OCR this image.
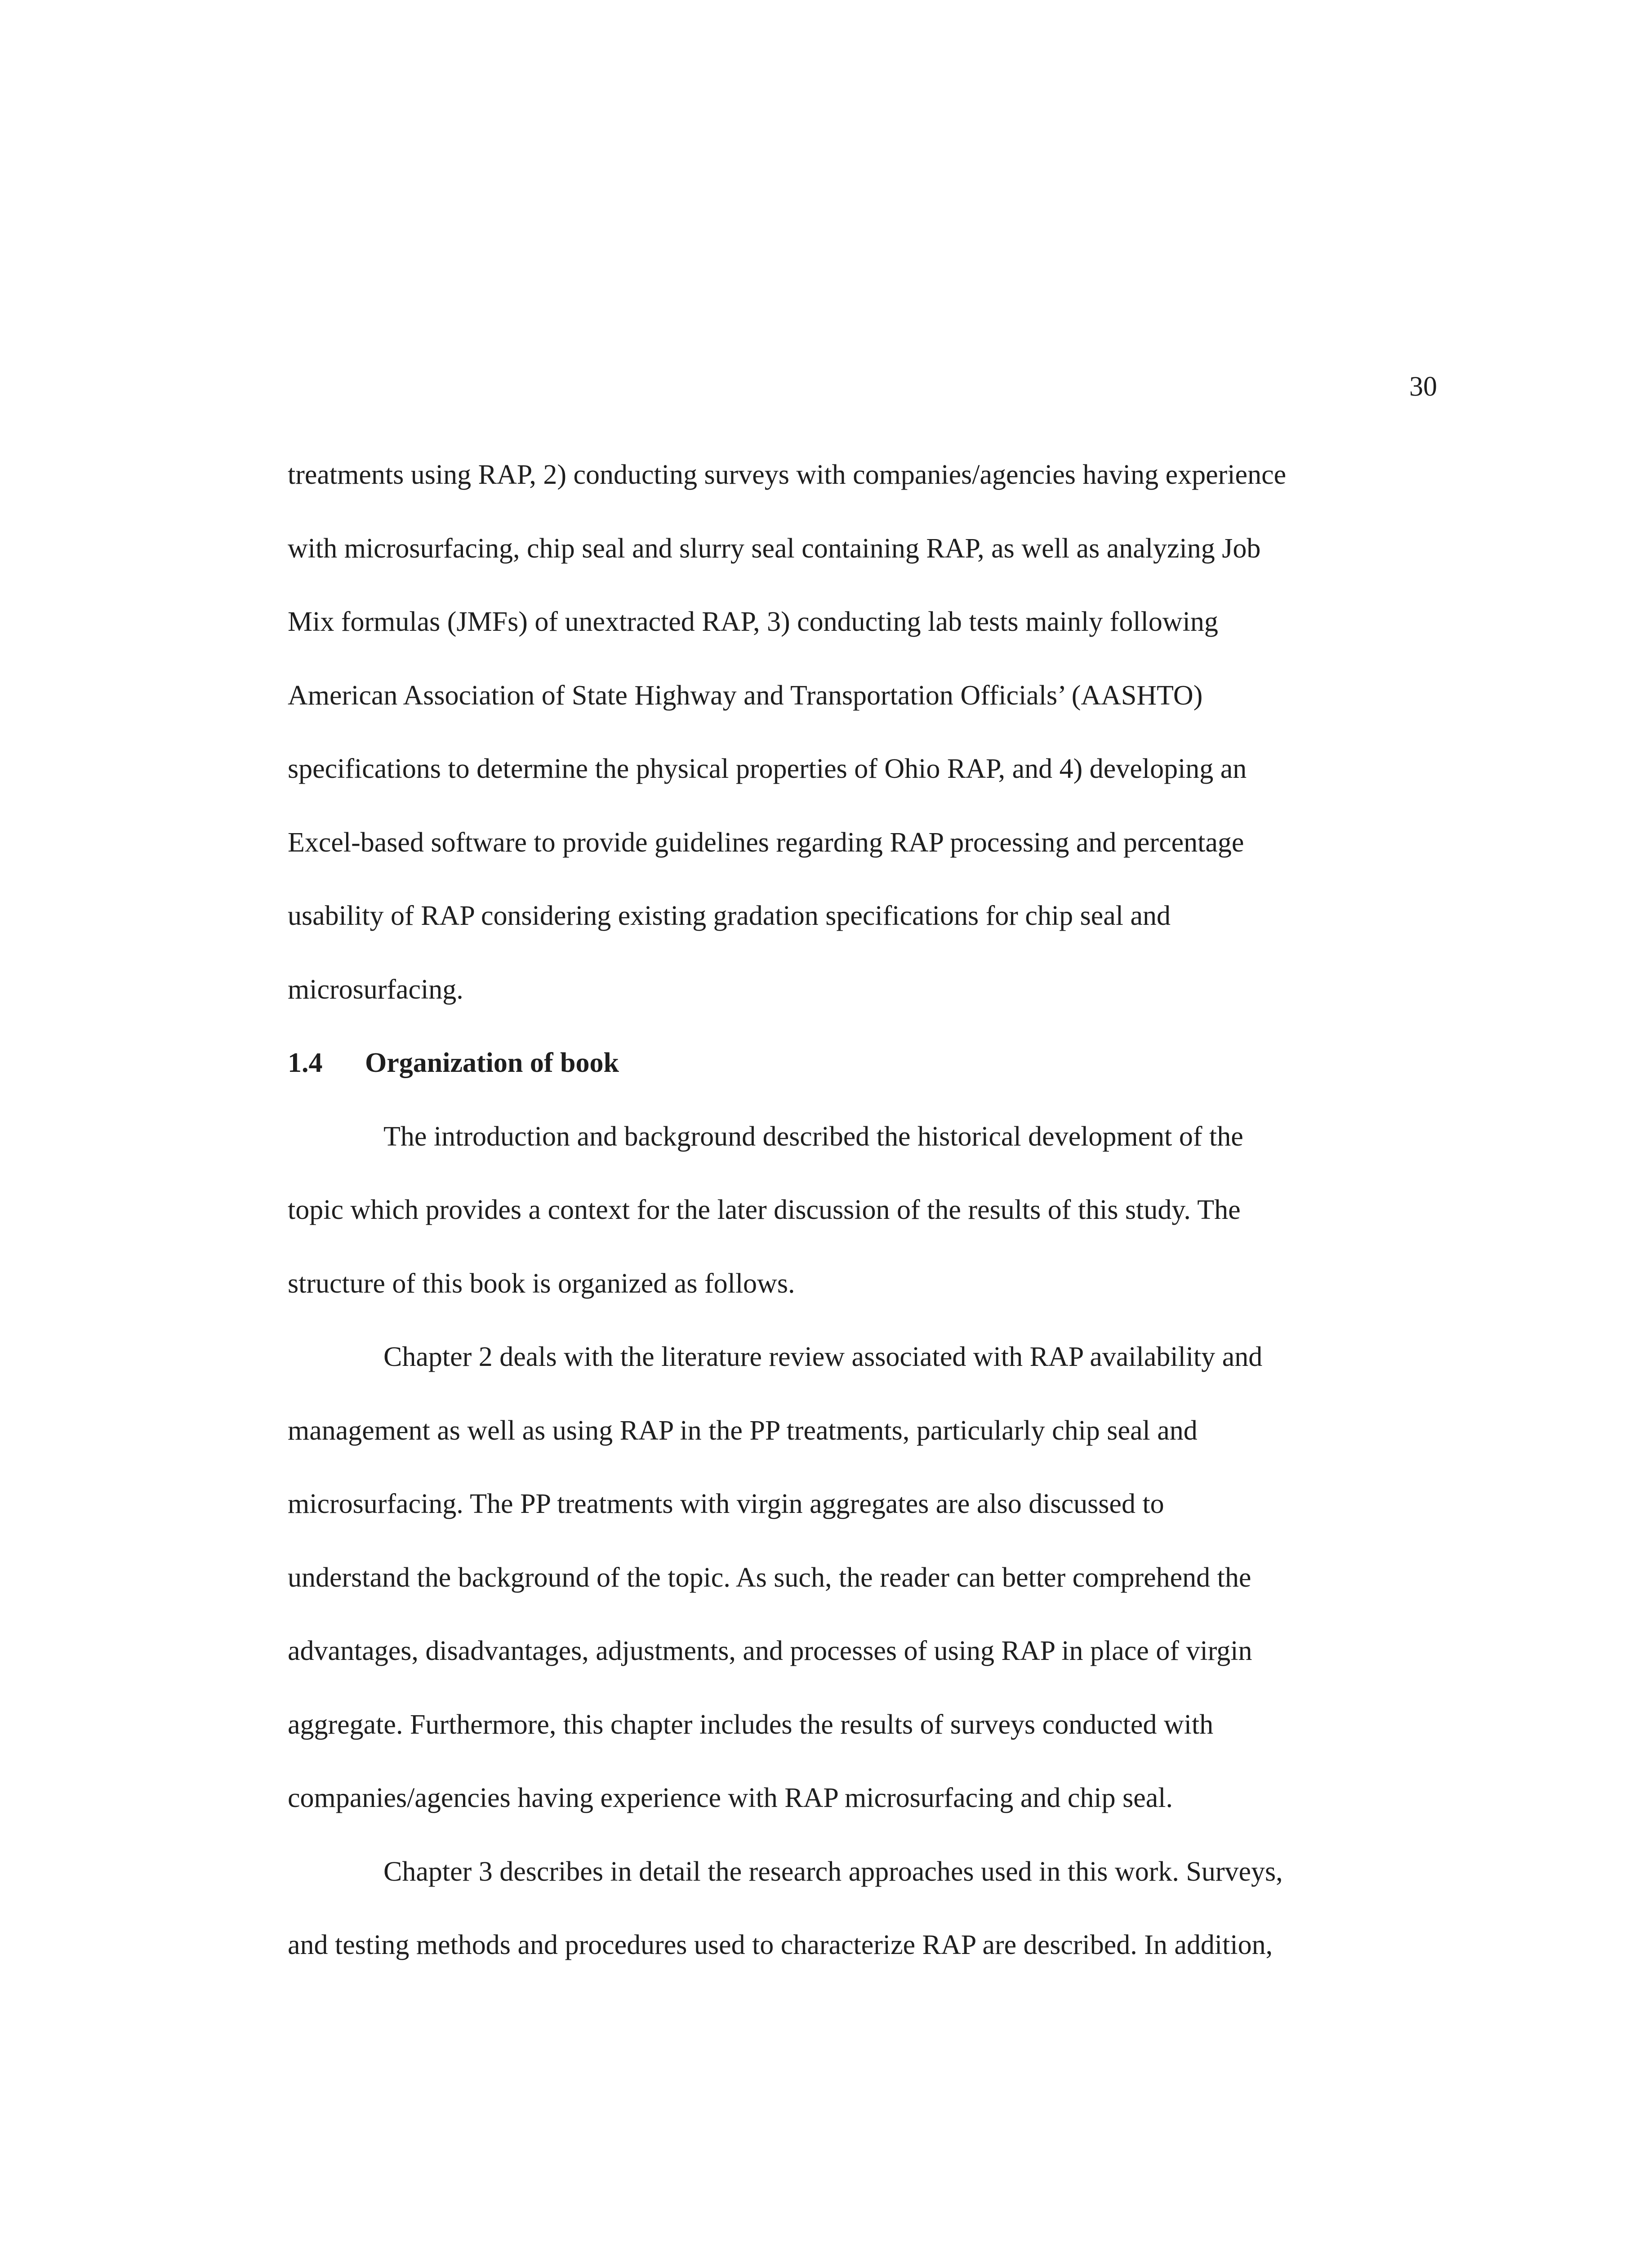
30
treatments using RAP, 2) conducting surveys with companies/agencies having experience
with microsurfacing, chip seal and slurry seal containing RAP, as well as analyzing Job
Mix formulas (JMFs) of unextracted RAP, 3) conducting lab tests mainly following
American Association of State Highway and Transportation Officials’ (AASHTO)
specifications to determine the physical properties of Ohio RAP, and 4) developing an
Excel-based software to provide guidelines regarding RAP processing and percentage
usability of RAP considering existing gradation specifications for chip seal and
microsurfacing.
1.4 Organization of book
The introduction and background described the historical development of the
topic which provides a context for the later discussion of the results of this study. The
structure of this book is organized as follows.
Chapter 2 deals with the literature review associated with RAP availability and
management as well as using RAP in the PP treatments, particularly chip seal and
microsurfacing. The PP treatments with virgin aggregates are also discussed to
understand the background of the topic. As such, the reader can better comprehend the
advantages, disadvantages, adjustments, and processes of using RAP in place of virgin
aggregate. Furthermore, this chapter includes the results of surveys conducted with
companies/agencies having experience with RAP microsurfacing and chip seal.
Chapter 3 describes in detail the research approaches used in this work. Surveys,
and testing methods and procedures used to characterize RAP are described. In addition,
